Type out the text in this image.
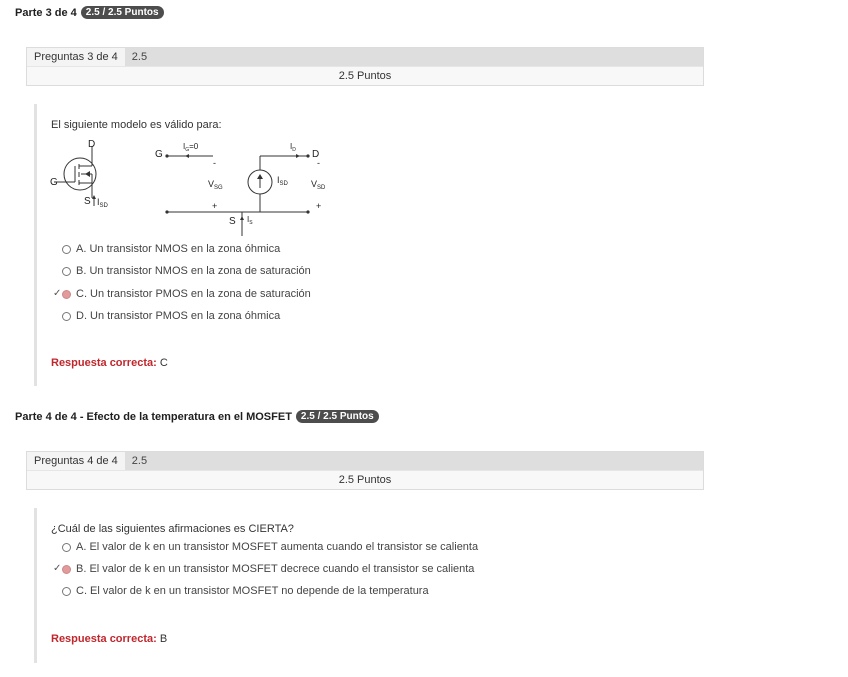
Parte 3 de 4 2.5 / 2.5 Puntos
Preguntas 3 de 4	2.5
2.5 Puntos
El siguiente modelo es válido para:
D
G
S $I_{SD}$
G	D
S
$I_G=0$	$I_D$
$V_{SG}$
$I_{SD}$	$V_{SD}$
$I_S$
-
+
-
+
A. Un transistor NMOS en la zona óhmica
B. Un transistor NMOS en la zona de saturación
✓ C. Un transistor PMOS en la zona de saturación
D. Un transistor PMOS en la zona óhmica
Respuesta correcta: C
Parte 4 de 4 - Efecto de la temperatura en el MOSFET 2.5 / 2.5 Puntos
Preguntas 4 de 4	2.5
2.5 Puntos
¿Cuál de las siguientes afirmaciones es CIERTA?
A. El valor de k en un transistor MOSFET aumenta cuando el transistor se calienta
✓ B. El valor de k en un transistor MOSFET decrece cuando el transistor se calienta
C. El valor de k en un transistor MOSFET no depende de la temperatura
Respuesta correcta: B
